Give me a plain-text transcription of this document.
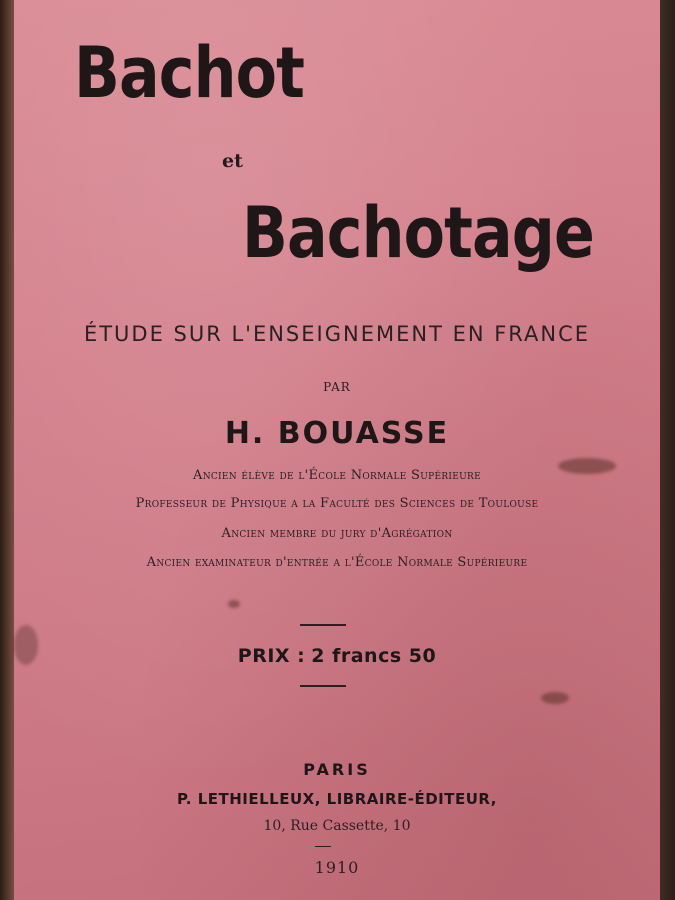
Bachot
et
Bachotage
ÉTUDE SUR L'ENSEIGNEMENT EN FRANCE
PAR
H. BOUASSE
Ancien élève de l'École Normale Supérieure
Professeur de Physique a la Faculté des Sciences de Toulouse
Ancien membre du jury d'Agrégation
Ancien examinateur d'entrée a l'École Normale Supérieure
PRIX : 2 francs 50
PARIS
P. LETHIELLEUX, LIBRAIRE-ÉDITEUR,
10, Rue Cassette, 10
1910
